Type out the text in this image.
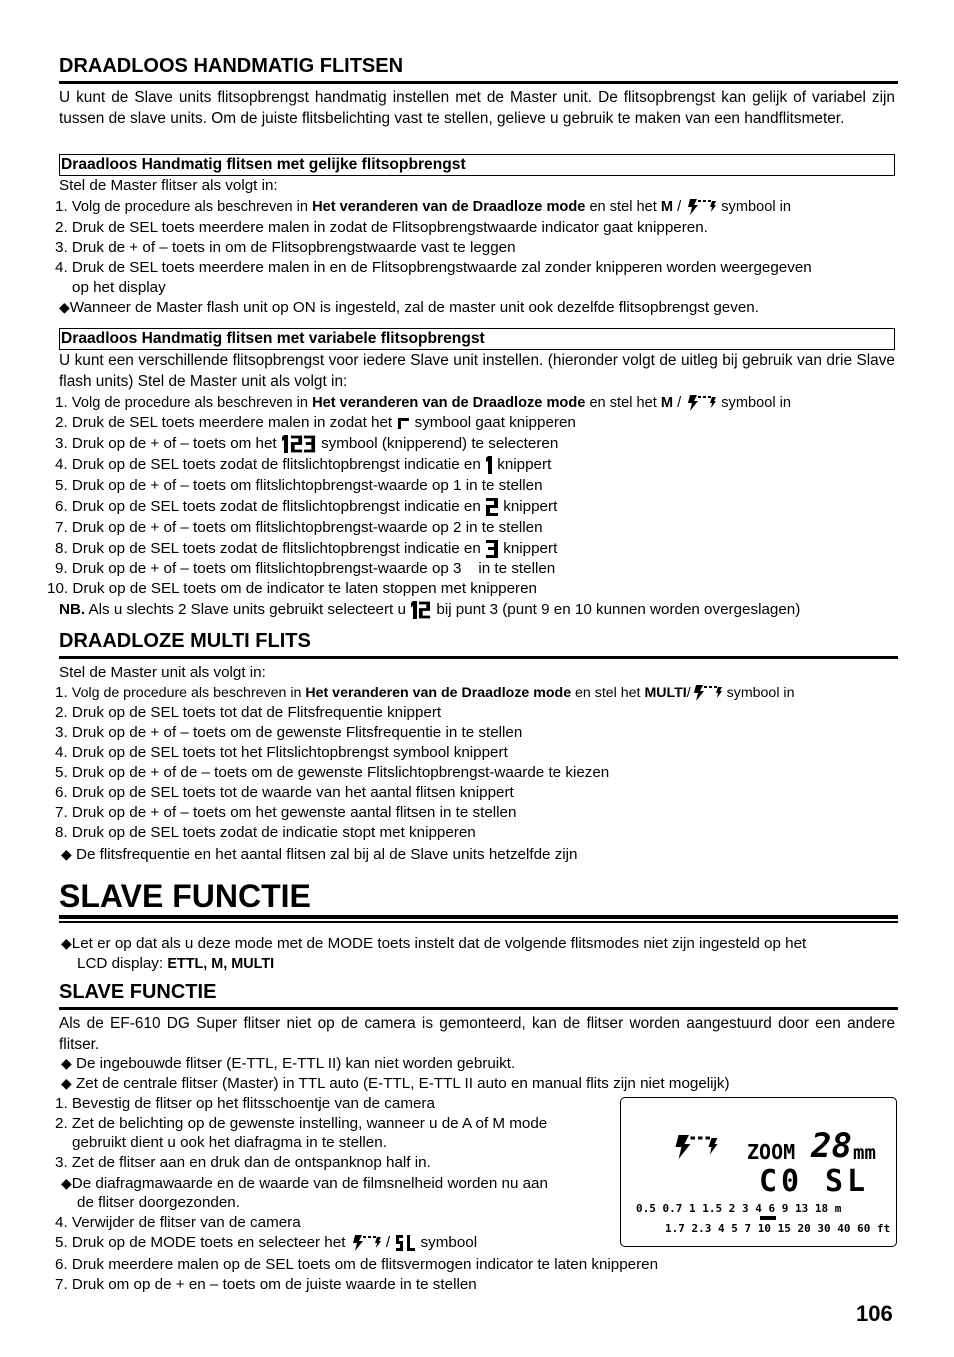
DRAADLOOS HANDMATIG FLITSEN
U kunt de Slave units flitsopbrengst handmatig instellen met de Master unit. De flitsopbrengst kan gelijk of variabel zijn tussen de slave units. Om de juiste flitsbelichting vast te stellen, gelieve u gebruik te maken van een handflitsmeter.
Draadloos Handmatig flitsen met gelijke flitsopbrengst
Stel de Master flitser als volgt in:
1. Volg de procedure als beschreven in Het veranderen van de Draadloze mode en stel het M /  symbool in
2. Druk de SEL toets meerdere malen in zodat de Flitsopbrengstwaarde indicator gaat knipperen.
3. Druk de + of – toets in om de Flitsopbrengstwaarde vast te leggen
4. Druk de SEL toets meerdere malen in en de Flitsopbrengstwaarde zal zonder knipperen worden weergegeven
op het display
◆Wanneer de Master flash unit op ON is ingesteld, zal de master unit ook dezelfde flitsopbrengst geven.
Draadloos Handmatig flitsen met variabele flitsopbrengst
U kunt een verschillende flitsopbrengst voor iedere Slave unit instellen. (hieronder volgt de uitleg bij gebruik van drie Slave flash units) Stel de Master unit als volgt in:
1. Volg de procedure als beschreven in Het veranderen van de Draadloze mode en stel het M /  symbool in
2. Druk de SEL toets meerdere malen in zodat het  symbool gaat knipperen
3. Druk op de + of – toets om het  symbool (knipperend) te selecteren
4. Druk op de SEL toets zodat de flitslichtopbrengst indicatie en  knippert
5. Druk op de + of – toets om flitslichtopbrengst-waarde op 1 in te stellen
6. Druk op de SEL toets zodat de flitslichtopbrengst indicatie en  knippert
7. Druk op de + of – toets om flitslichtopbrengst-waarde op 2 in te stellen
8. Druk op de SEL toets zodat de flitslichtopbrengst indicatie en  knippert
9. Druk op de + of – toets om flitslichtopbrengst-waarde op 3    in te stellen
10. Druk op de SEL toets om de indicator te laten stoppen met knipperen
NB. Als u slechts 2 Slave units gebruikt selecteert u  bij punt 3 (punt 9 en 10 kunnen worden overgeslagen)
DRAADLOZE MULTI FLITS
Stel de Master unit als volgt in:
1. Volg de procedure als beschreven in Het veranderen van de Draadloze mode en stel het MULTI/ symbool in
2. Druk op de SEL toets tot dat de Flitsfrequentie knippert
3. Druk op de + of – toets om de gewenste Flitsfrequentie in te stellen
4. Druk op de SEL toets tot het Flitslichtopbrengst symbool knippert
5. Druk op de + of de – toets om de gewenste Flitslichtopbrengst-waarde te kiezen
6. Druk op de SEL toets tot de waarde van het aantal flitsen knippert
7. Druk op de + of – toets om het gewenste aantal flitsen in te stellen
8. Druk op de SEL toets zodat de indicatie stopt met knipperen
◆ De flitsfrequentie en het aantal flitsen zal bij al de Slave units hetzelfde zijn
SLAVE FUNCTIE
◆Let er op dat als u deze mode met de MODE toets instelt dat de volgende flitsmodes niet zijn ingesteld op het
LCD display: ETTL, M, MULTI
SLAVE FUNCTIE
Als de EF-610 DG Super flitser niet op de camera is gemonteerd, kan de flitser worden aangestuurd door een andere flitser.
◆ De ingebouwde flitser (E-TTL, E-TTL II) kan niet worden gebruikt.
◆ Zet de centrale flitser (Master) in TTL auto (E-TTL, E-TTL II auto en manual flits zijn niet mogelijk)
1. Bevestig de flitser op het flitsschoentje van de camera
2. Zet de belichting op de gewenste instelling, wanneer u de A of M mode
gebruikt dient u ook het diafragma in te stellen.
3. Zet de flitser aan en druk dan de ontspanknop half in.
◆De diafragmawaarde en de waarde van de filmsnelheid worden nu aan
de flitser doorgezonden.
4. Verwijder de flitser van de camera
5. Druk op de MODE toets en selecteer het  /  symbool
6. Druk meerdere malen op de SEL toets om de flitsvermogen indicator te laten knipperen
7. Druk om op de + en – toets om de juiste waarde in te stellen
ZOOM 28 mm
C0 SL
0.5 0.7 1 1.5 2 3 4 6 9 13 18 m
1.7 2.3 4 5 7 10 15 20 30 40 60 ft
106
